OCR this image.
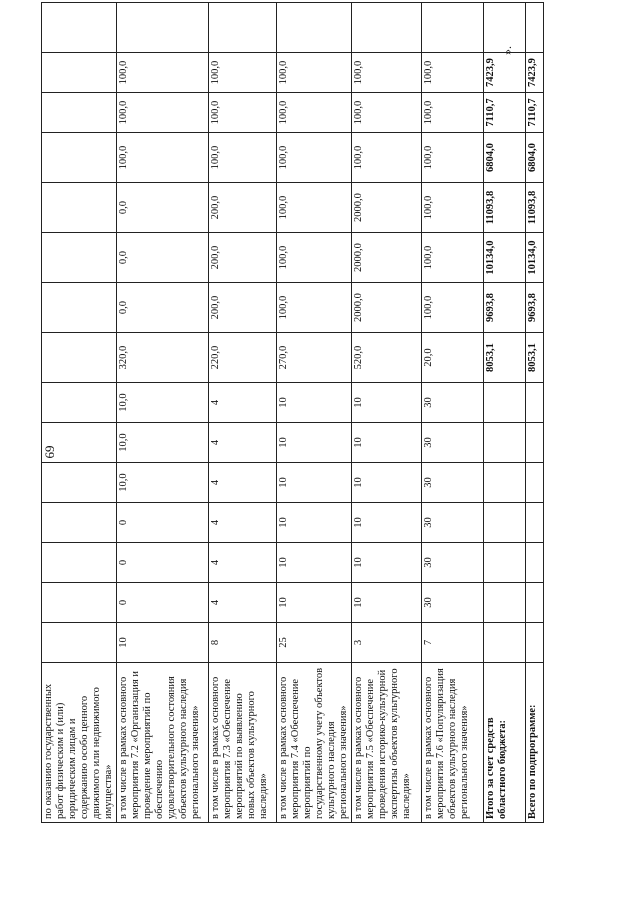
69
по оказанию государственных работ физическим и (или) юридическим лицам и содержанию особо ценного движимого или недвижимого имущества»															
в том числе в рамках основного мероприятия 7.2 «Организация и проведение мероприятий по обеспечению удовлетворительного состояния объектов культурного наследия регионального значения»	10	0	0	0	10,0	10,0	10,0	320,0	0,0	0,0	0,0	100,0	100,0	100,0	
в том числе в рамках основного мероприятия 7.3 «Обеспечение мероприятий по выявлению новых объектов культурного наследия»	8	4	4	4	4	4	4	220,0	200,0	200,0	200,0	100,0	100,0	100,0	
в том числе в рамках основного мероприятия 7.4 «Обеспечение мероприятий по государственному учету объектов культурного наследия регионального значения»	25	10	10	10	10	10	10	270,0	100,0	100,0	100,0	100,0	100,0	100,0	
в том числе в рамках основного мероприятия 7.5 «Обеспечение проведения историко-культурной экспертизы объектов культурного наследия»	3	10	10	10	10	10	10	520,0	2000,0	2000,0	2000,0	100,0	100,0	100,0	
в том числе в рамках основного мероприятия 7.6 «Популяризация объектов культурного наследия регионального значения»	7	30	30	30	30	30	30	20,0	100,0	100,0	100,0	100,0	100,0	100,0	
Итого за счет средств областного бюджета:								8053,1	9693,8	10134,0	11093,8	6804,0	7110,7	7423,9	
Всего по подпрограмме:								8053,1	9693,8	10134,0	11093,8	6804,0	7110,7	7423,9	
».
